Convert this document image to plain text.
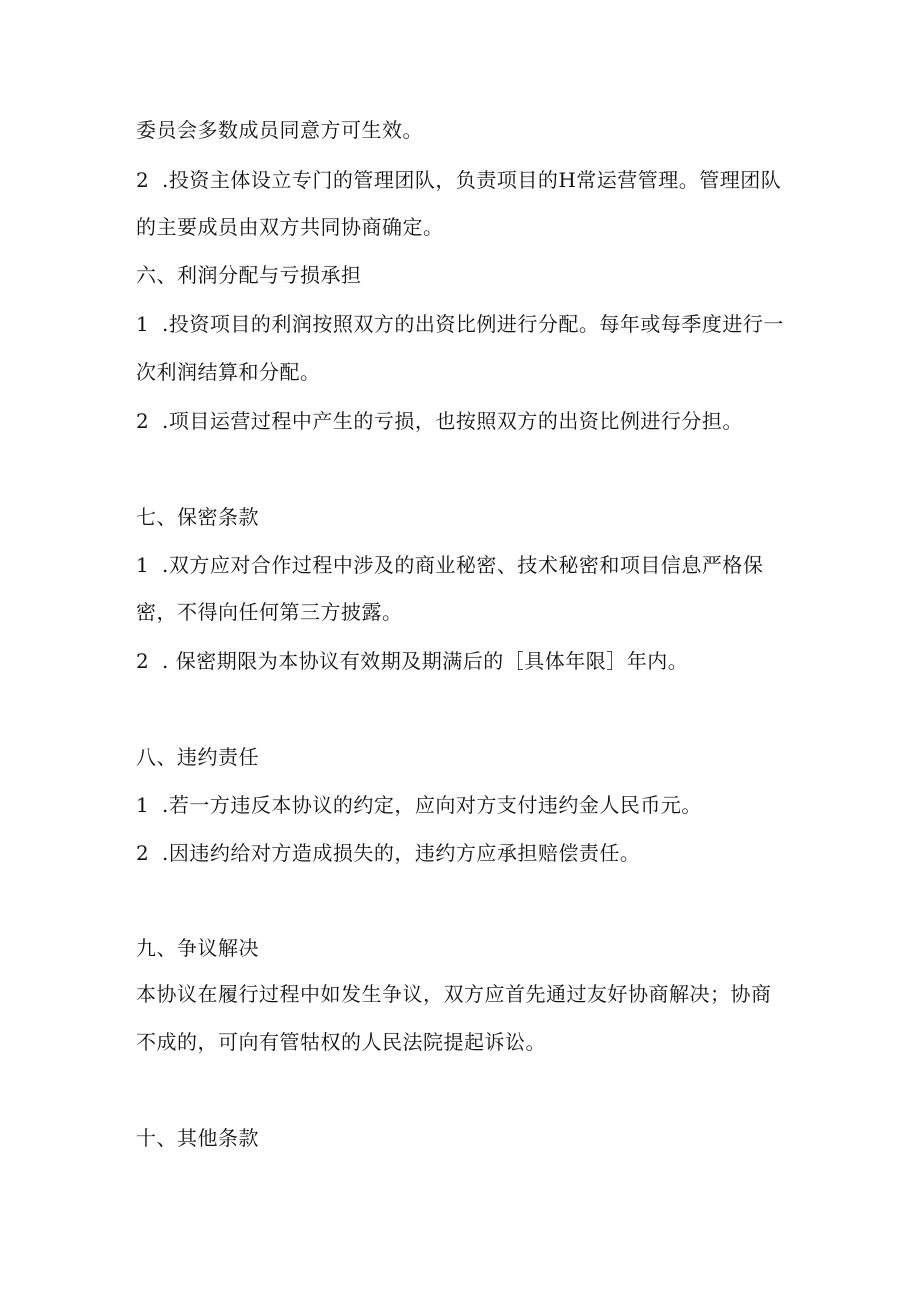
委员会多数成员同意方可生效。
2 .投资主体设立专门的管理团队，负责项目的H常运营管理。管理团队
的主要成员由双方共同协商确定。
六、利润分配与亏损承担
1 .投资项目的利润按照双方的出资比例进行分配。每年或每季度进行一
次利润结算和分配。
2 .项目运营过程中产生的亏损，也按照双方的出资比例进行分担。
七、保密条款
1 .双方应对合作过程中涉及的商业秘密、技术秘密和项目信息严格保
密，不得向任何第三方披露。
2 . 保密期限为本协议有效期及期满后的［具体年限］年内。
八、违约责任
1 .若一方违反本协议的约定，应向对方支付违约金人民币元。
2 .因违约给对方造成损失的，违约方应承担赔偿责任。
九、争议解决
本协议在履行过程中如发生争议，双方应首先通过友好协商解决；协商
不成的，可向有管牯权的人民法院提起诉讼。
十、其他条款
